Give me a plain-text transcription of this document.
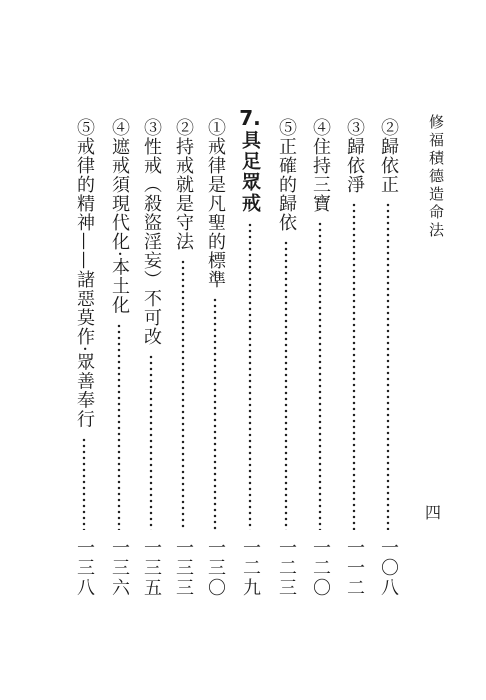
修福積德造命法
②歸依正
一〇八
③歸依淨
一一二
④住持三寶
一二〇
⑤正確的歸依
一二三
7.
具足眾戒
一二九
①戒律是凡聖的標準
一三〇
②持戒就是守法
一三三
③性戒（殺盜淫妄）不可改
一三五
④遮戒須現代化·本土化
一三六
⑤戒律的精神——諸惡莫作·眾善奉行
一三八
四
